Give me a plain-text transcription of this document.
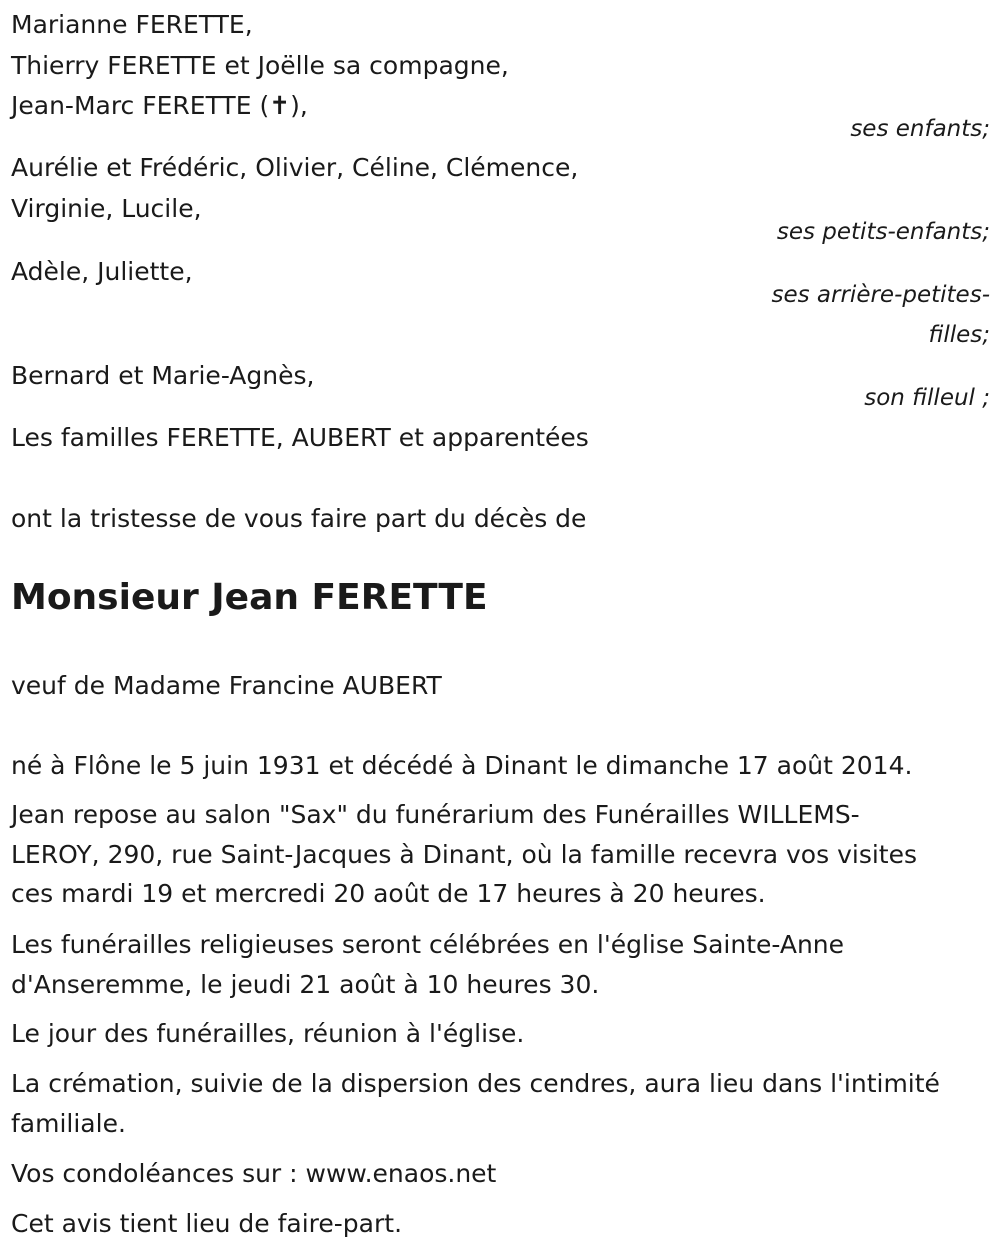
Marianne FERETTE,
Thierry FERETTE et Joëlle sa compagne,
Jean-Marc FERETTE (✝),
ses enfants;
Aurélie et Frédéric, Olivier, Céline, Clémence,
Virginie, Lucile,
ses petits-enfants;
Adèle, Juliette,
ses arrière-petites-
filles;
Bernard et Marie-Agnès,
son filleul ;
Les familles FERETTE, AUBERT et apparentées
ont la tristesse de vous faire part du décès de
Monsieur Jean FERETTE
veuf de Madame Francine AUBERT
né à Flône le 5 juin 1931 et décédé à Dinant le dimanche 17 août 2014.
Jean repose au salon "Sax" du funérarium des Funérailles WILLEMS-
LEROY, 290, rue Saint-Jacques à Dinant, où la famille recevra vos visites
ces mardi 19 et mercredi 20 août de 17 heures à 20 heures.
Les funérailles religieuses seront célébrées en l'église Sainte-Anne
d'Anseremme, le jeudi 21 août à 10 heures 30.
Le jour des funérailles, réunion à l'église.
La crémation, suivie de la dispersion des cendres, aura lieu dans l'intimité
familiale.
Vos condoléances sur : www.enaos.net
Cet avis tient lieu de faire-part.
